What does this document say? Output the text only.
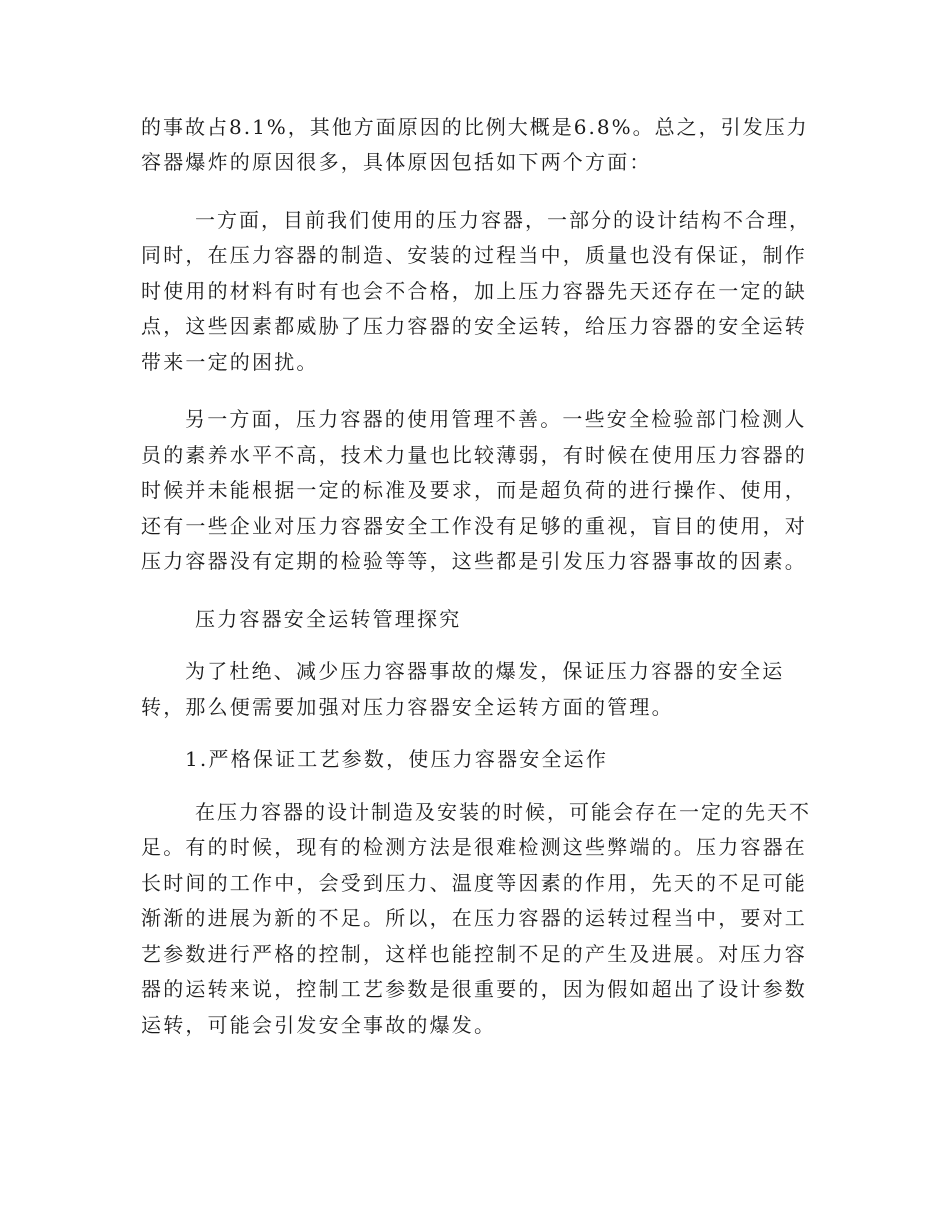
的事故占8.1%，其他方面原因的比例大概是6.8%。总之，引发压力
容器爆炸的原因很多，具体原因包括如下两个方面：
一方面，目前我们使用的压力容器，一部分的设计结构不合理，
同时，在压力容器的制造、安装的过程当中，质量也没有保证，制作
时使用的材料有时有也会不合格，加上压力容器先天还存在一定的缺
点，这些因素都威胁了压力容器的安全运转，给压力容器的安全运转
带来一定的困扰。
另一方面，压力容器的使用管理不善。一些安全检验部门检测人
员的素养水平不高，技术力量也比较薄弱，有时候在使用压力容器的
时候并未能根据一定的标准及要求，而是超负荷的进行操作、使用，
还有一些企业对压力容器安全工作没有足够的重视，盲目的使用，对
压力容器没有定期的检验等等，这些都是引发压力容器事故的因素。
压力容器安全运转管理探究
为了杜绝、减少压力容器事故的爆发，保证压力容器的安全运
转，那么便需要加强对压力容器安全运转方面的管理。
1.严格保证工艺参数，使压力容器安全运作
在压力容器的设计制造及安装的时候，可能会存在一定的先天不
足。有的时候，现有的检测方法是很难检测这些弊端的。压力容器在
长时间的工作中，会受到压力、温度等因素的作用，先天的不足可能
渐渐的进展为新的不足。所以，在压力容器的运转过程当中，要对工
艺参数进行严格的控制，这样也能控制不足的产生及进展。对压力容
器的运转来说，控制工艺参数是很重要的，因为假如超出了设计参数
运转，可能会引发安全事故的爆发。
